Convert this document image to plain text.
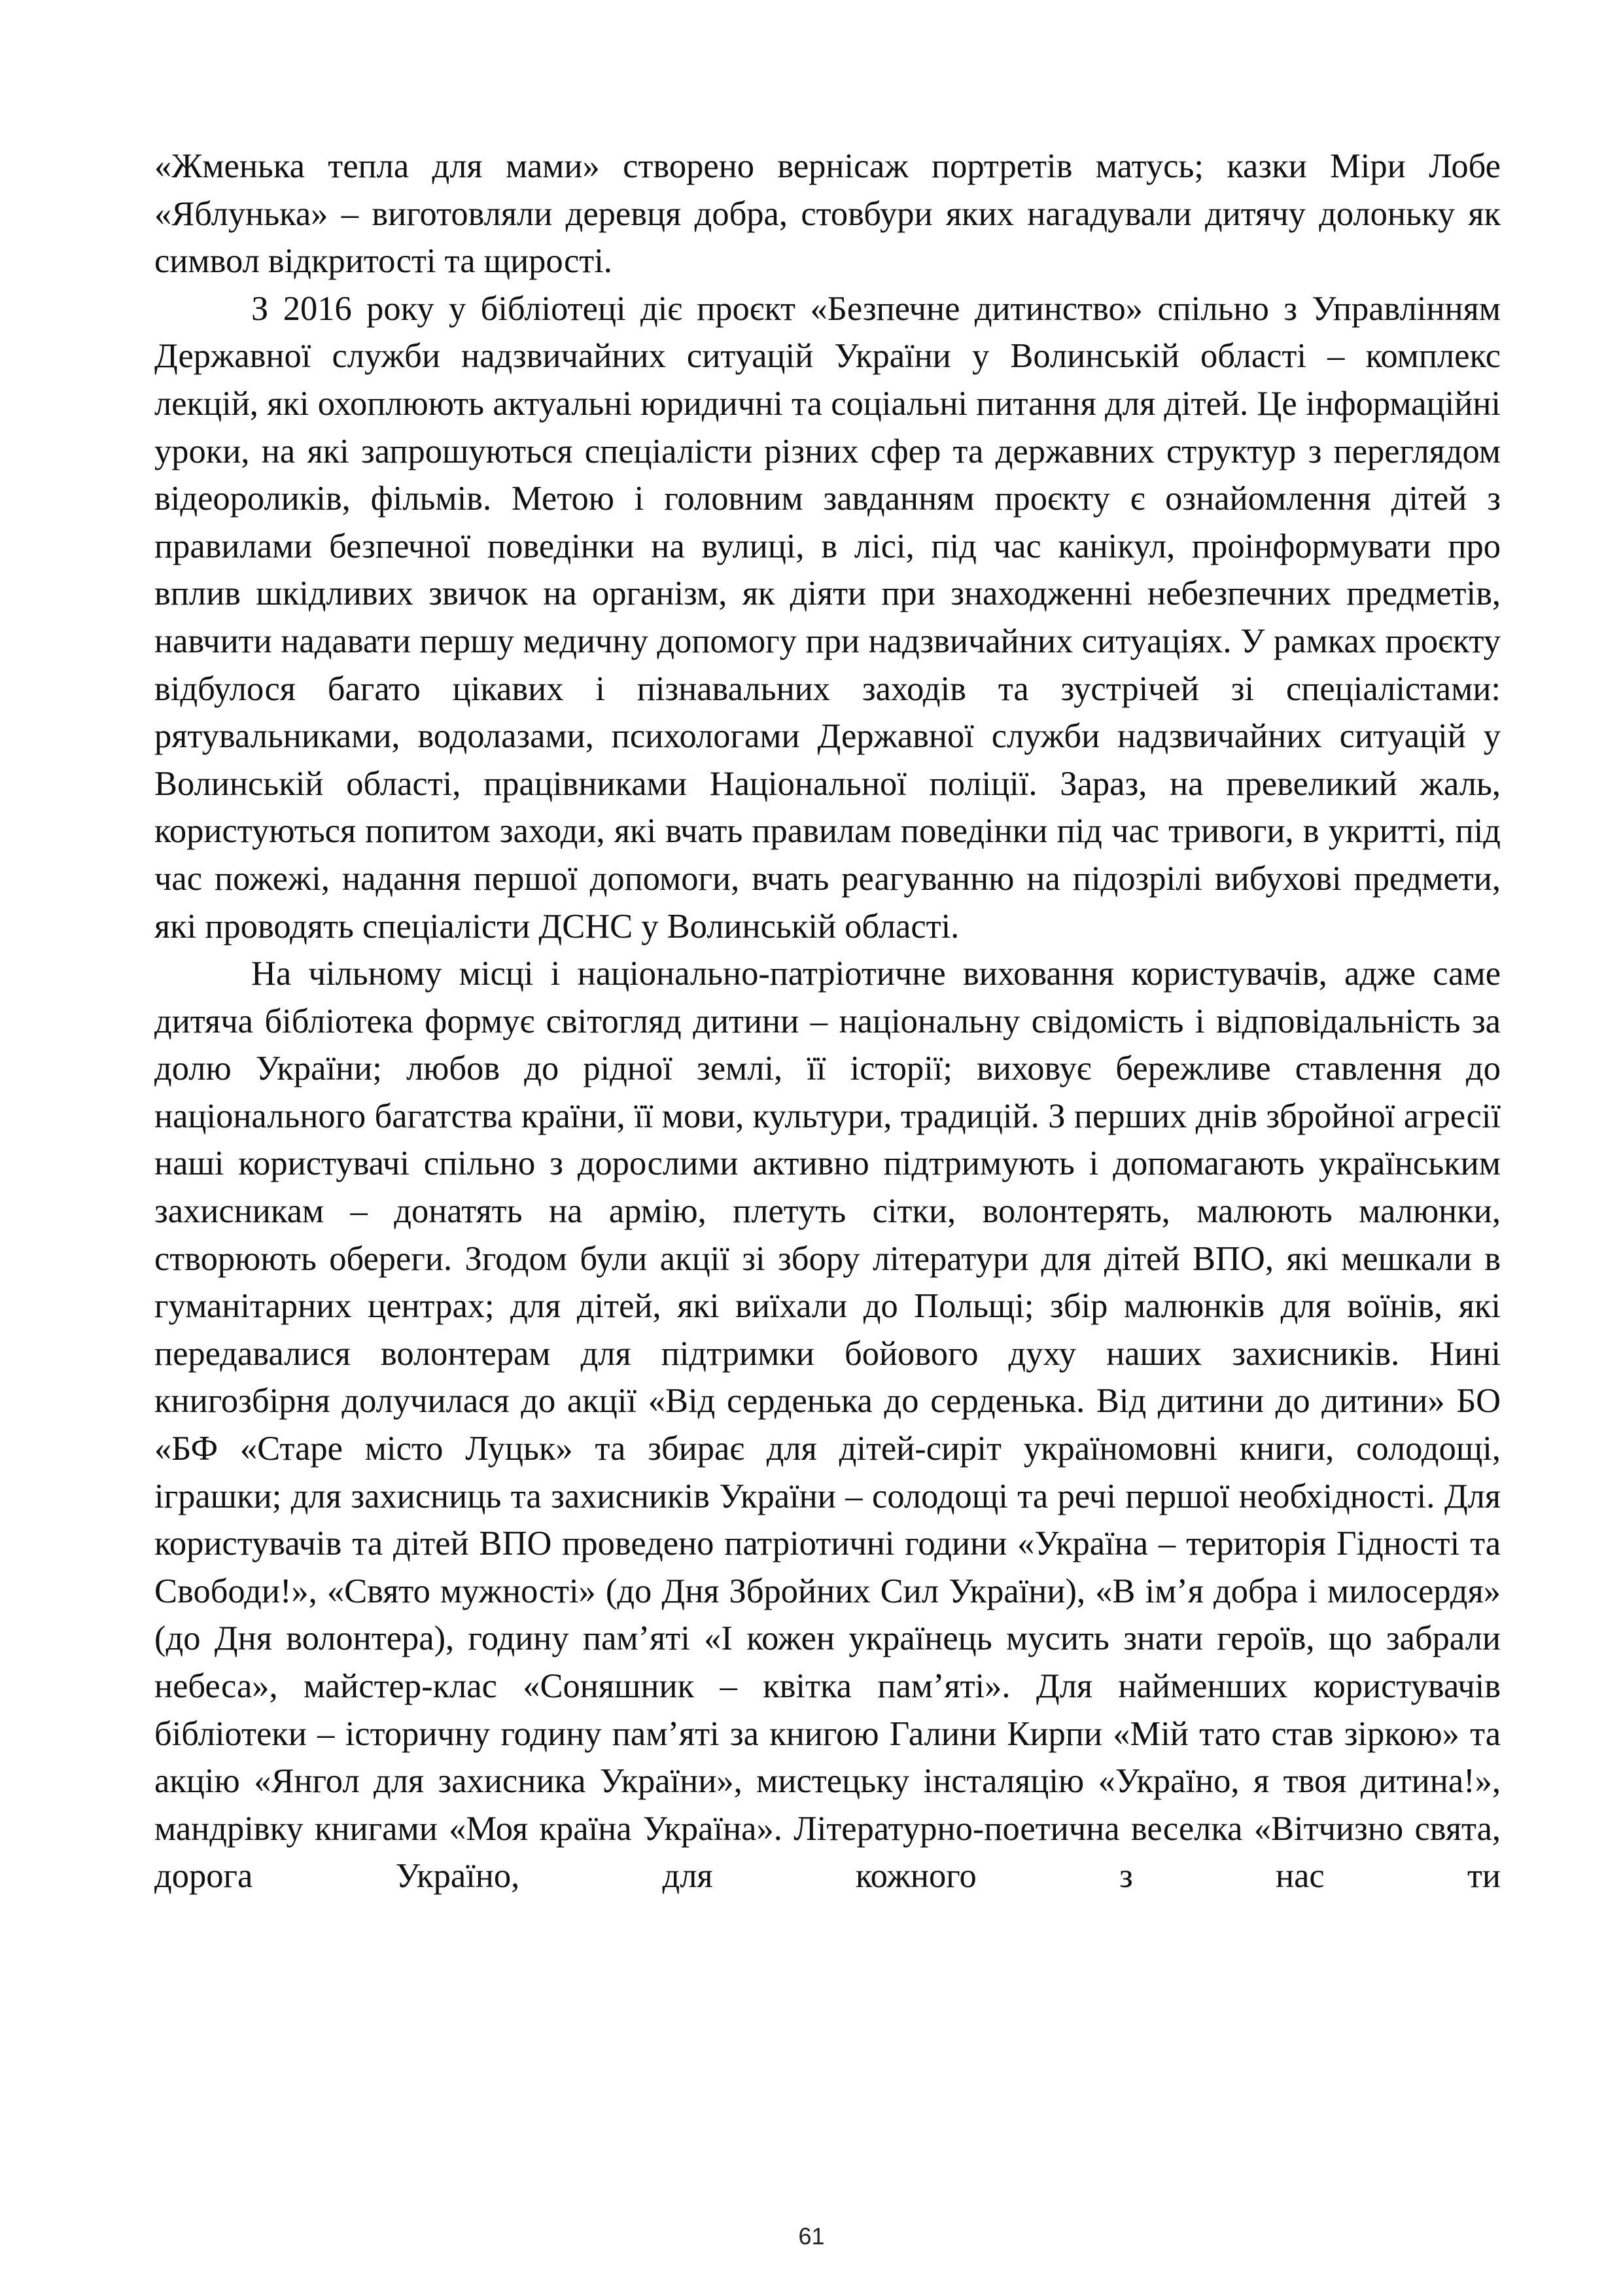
«Жменька тепла для мами» створено вернісаж портретів матусь; казки Міри Лобе «Яблунька» – виготовляли деревця добра, стовбури яких нагадували дитячу долоньку як символ відкритості та щирості.

З 2016 року у бібліотеці діє проєкт «Безпечне дитинство» спільно з Управлінням Державної служби надзвичайних ситуацій України у Волинській області – комплекс лекцій, які охоплюють актуальні юридичні та соціальні питання для дітей. Це інформаційні уроки, на які запрошуються спеціалісти різних сфер та державних структур з переглядом відеороликів, фільмів. Метою і головним завданням проєкту є ознайомлення дітей з правилами безпечної поведінки на вулиці, в лісі, під час канікул, проінформувати про вплив шкідливих звичок на організм, як діяти при знаходженні небезпечних предметів, навчити надавати першу медичну допомогу при надзвичайних ситуаціях. У рамках проєкту відбулося багато цікавих і пізнавальних заходів та зустрічей зі спеціалістами: рятувальниками, водолазами, психологами Державної служби надзвичайних ситуацій у Волинській області, працівниками Національної поліції. Зараз, на превеликий жаль, користуються попитом заходи, які вчать правилам поведінки під час тривоги, в укритті, під час пожежі, надання першої допомоги, вчать реагуванню на підозрілі вибухові предмети, які проводять спеціалісти ДСНС у Волинській області.

На чільному місці і національно-патріотичне виховання користувачів, адже саме дитяча бібліотека формує світогляд дитини – національну свідомість і відповідальність за долю України; любов до рідної землі, її історії; виховує бережливе ставлення до національного багатства країни, її мови, культури, традицій. З перших днів збройної агресії наші користувачі спільно з дорослими активно підтримують і допомагають українським захисникам – донатять на армію, плетуть сітки, волонтерять, малюють малюнки, створюють обереги. Згодом були акції зі збору літератури для дітей ВПО, які мешкали в гуманітарних центрах; для дітей, які виїхали до Польщі; збір малюнків для воїнів, які передавалися волонтерам для підтримки бойового духу наших захисників. Нині книгозбірня долучилася до акції «Від серденька до серденька. Від дитини до дитини» БО «БФ «Старе місто Луцьк» та збирає для дітей-сиріт україномовні книги, солодощі, іграшки; для захисниць та захисників України – солодощі та речі першої необхідності. Для користувачів та дітей ВПО проведено патріотичні години «Україна – територія Гідності та Свободи!», «Свято мужності» (до Дня Збройних Сил України), «В ім’я добра і милосердя» (до Дня волонтера), годину пам’яті «І кожен українець мусить знати героїв, що забрали небеса», майстер-клас «Соняшник – квітка пам’яті». Для найменших користувачів бібліотеки – історичну годину пам’яті за книгою Галини Кирпи «Мій тато став зіркою» та акцію «Янгол для захисника України», мистецьку інсталяцію «Україно, я твоя дитина!», мандрівку книгами «Моя країна Україна». Літературно-поетична веселка «Вітчизно свята, дорога Україно, для кожного з нас ти

61
